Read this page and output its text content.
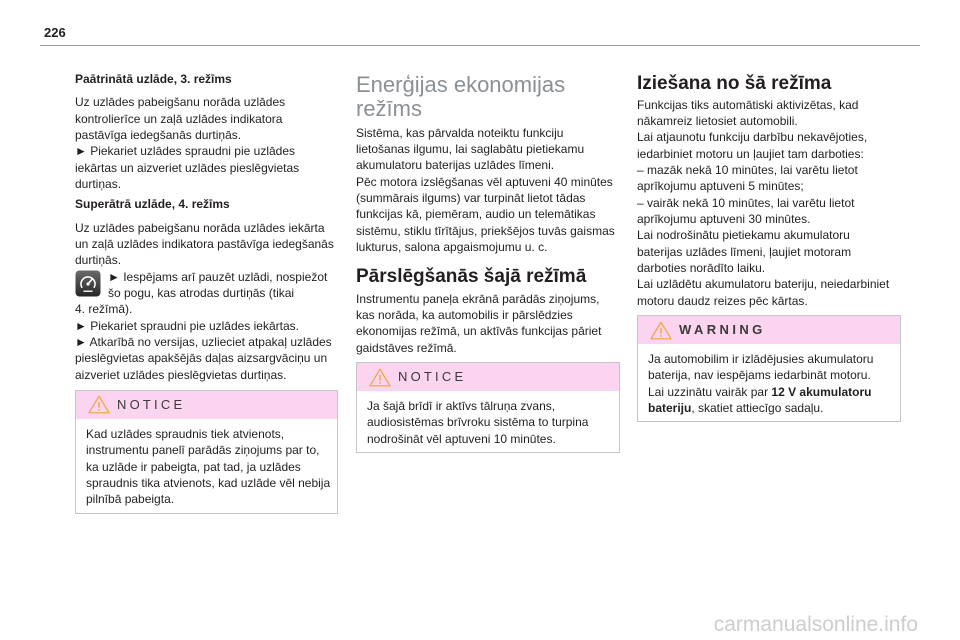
226
Paātrinātā uzlāde, 3. režīms
Uz uzlādes pabeigšanu norāda uzlādes
kontrolierīce un zaļā uzlādes indikatora
pastāvīga iedegšanās durtiņās.
► Piekariet uzlādes spraudni pie uzlādes
iekārtas un aizveriet uzlādes pieslēgvietas
durtiņas.
Superātrā uzlāde, 4. režīms
Uz uzlādes pabeigšanu norāda uzlādes iekārta
un zaļā uzlādes indikatora pastāvīga iedegšanās
durtiņās.
► Iespējams arī pauzēt uzlādi, nospiežot
šo pogu, kas atrodas durtiņās (tikai
4. režīmā).
► Piekariet spraudni pie uzlādes iekārtas.
► Atkarībā no versijas, uzlieciet atpakaļ uzlādes
pieslēgvietas apakšējās daļas aizsargvāciņu un
aizveriet uzlādes pieslēgvietas durtiņas.
NOTICE
Kad uzlādes spraudnis tiek atvienots,
instrumentu panelī parādās ziņojums par to,
ka uzlāde ir pabeigta, pat tad, ja uzlādes
spraudnis tika atvienots, kad uzlāde vēl nebija
pilnībā pabeigta.
Enerģijas ekonomijas
režīms
Sistēma, kas pārvalda noteiktu funkciju
lietošanas ilgumu, lai saglabātu pietiekamu
akumulatoru baterijas uzlādes līmeni.
Pēc motora izslēgšanas vēl aptuveni 40 minūtes
(summārais ilgums) var turpināt lietot tādas
funkcijas kā, piemēram, audio un telemātikas
sistēmu, stiklu tīrītājus, priekšējos tuvās gaismas
lukturus, salona apgaismojumu u. c.
Pārslēgšanās šajā režīmā
Instrumentu paneļa ekrānā parādās ziņojums,
kas norāda, ka automobilis ir pārslēdzies
ekonomijas režīmā, un aktīvās funkcijas pāriet
gaidstāves režīmā.
NOTICE
Ja šajā brīdī ir aktīvs tālruņa zvans,
audiosistēmas brīvroku sistēma to turpina
nodrošināt vēl aptuveni 10 minūtes.
Iziešana no šā režīma
Funkcijas tiks automātiski aktivizētas, kad
nākamreiz lietosiet automobili.
Lai atjaunotu funkciju darbību nekavējoties,
iedarbiniet motoru un ļaujiet tam darboties:
– mazāk nekā 10 minūtes, lai varētu lietot
aprīkojumu aptuveni 5 minūtes;
– vairāk nekā 10 minūtes, lai varētu lietot
aprīkojumu aptuveni 30 minūtes.
Lai nodrošinātu pietiekamu akumulatoru
baterijas uzlādes līmeni, ļaujiet motoram
darboties norādīto laiku.
Lai uzlādētu akumulatoru bateriju, neiedarbiniet
motoru daudz reizes pēc kārtas.
WARNING
Ja automobilim ir izlādējusies akumulatoru
baterija, nav iespējams iedarbināt motoru.
Lai uzzinātu vairāk par 12 V akumulatoru
bateriju, skatiet attiecīgo sadaļu.
carmanualsonline.info
